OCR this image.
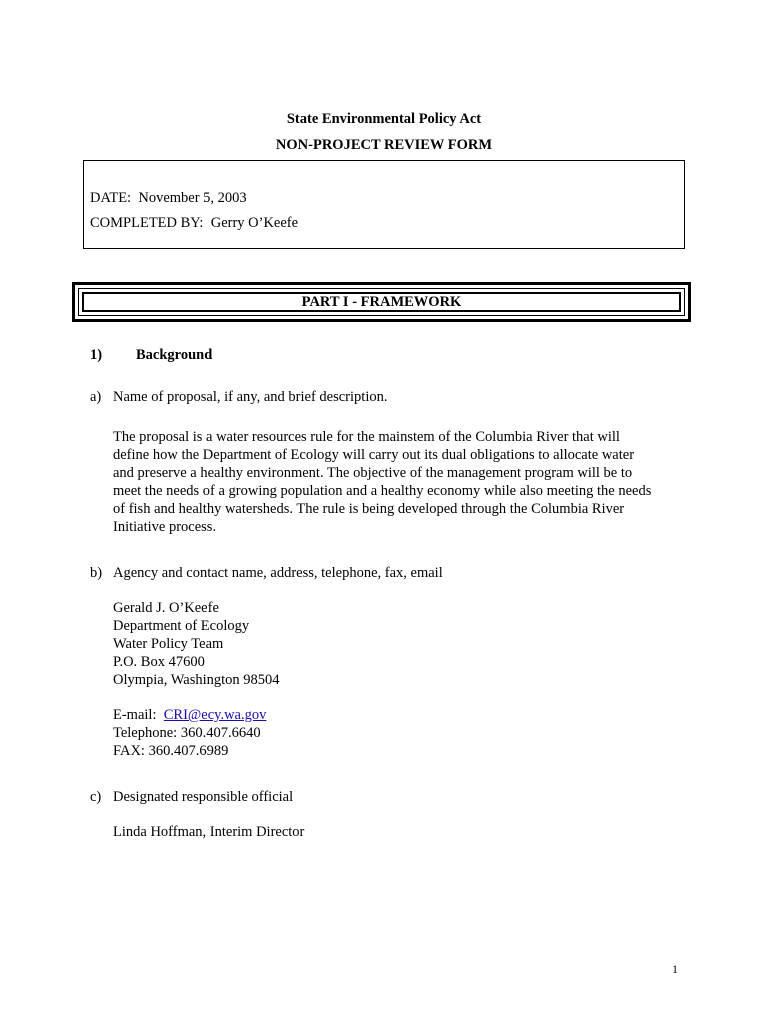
State Environmental Policy Act
NON-PROJECT REVIEW FORM
DATE: November 5, 2003
COMPLETED BY: Gerry O’Keefe
PART I - FRAMEWORK
1) Background
a) Name of proposal, if any, and brief description.
The proposal is a water resources rule for the mainstem of the Columbia River that will
define how the Department of Ecology will carry out its dual obligations to allocate water
and preserve a healthy environment. The objective of the management program will be to
meet the needs of a growing population and a healthy economy while also meeting the needs
of fish and healthy watersheds. The rule is being developed through the Columbia River
Initiative process.
b) Agency and contact name, address, telephone, fax, email
Gerald J. O’Keefe
Department of Ecology
Water Policy Team
P.O. Box 47600
Olympia, Washington 98504
E-mail: CRI@ecy.wa.gov
Telephone: 360.407.6640
FAX: 360.407.6989
c) Designated responsible official
Linda Hoffman, Interim Director
1
